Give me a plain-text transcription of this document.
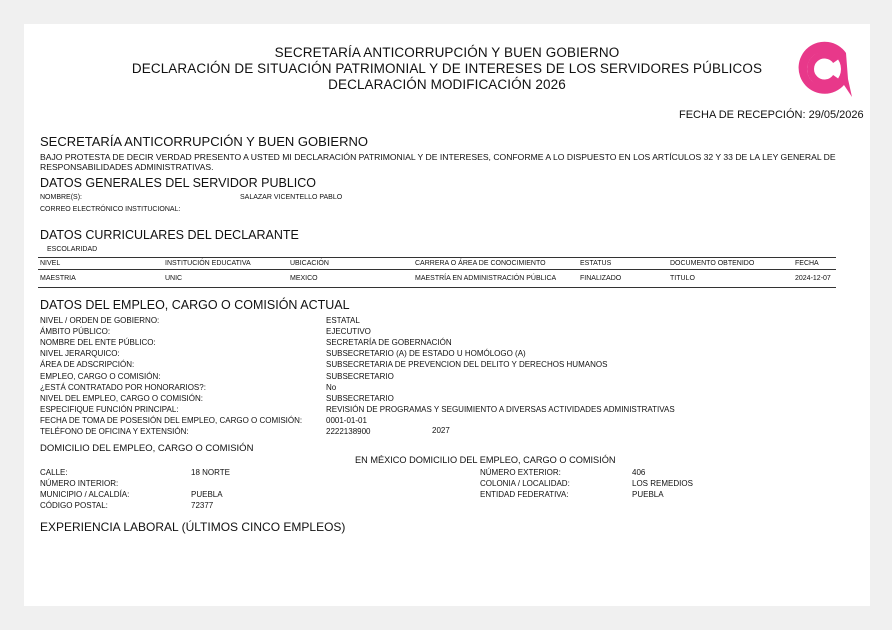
SECRETARÍA ANTICORRUPCIÓN Y BUEN GOBIERNO
DECLARACIÓN DE SITUACIÓN PATRIMONIAL Y DE INTERESES DE LOS SERVIDORES PÚBLICOS
DECLARACIÓN MODIFICACIÓN 2026
FECHA DE RECEPCIÓN: 29/05/2026
SECRETARÍA ANTICORRUPCIÓN Y BUEN GOBIERNO
BAJO PROTESTA DE DECIR VERDAD PRESENTO A USTED MI DECLARACIÓN PATRIMONIAL Y DE INTERESES, CONFORME A LO DISPUESTO EN LOS ARTÍCULOS 32 Y 33 DE LA LEY GENERAL DE
RESPONSABILIDADES ADMINISTRATIVAS.
DATOS GENERALES DEL SERVIDOR PUBLICO
NOMBRE(S):	SALAZAR VICENTELLO PABLO
CORREO ELECTRÓNICO INSTITUCIONAL:
DATOS CURRICULARES DEL DECLARANTE
ESCOLARIDAD
NIVEL	INSTITUCIÓN EDUCATIVA	UBICACIÓN	CARRERA O ÁREA DE CONOCIMIENTO	ESTATUS	DOCUMENTO OBTENIDO	FECHA
MAESTRIA	UNIC	MEXICO	MAESTRÍA EN ADMINISTRACIÓN PÚBLICA	FINALIZADO	TITULO	2024-12-07
DATOS DEL EMPLEO, CARGO O COMISIÓN ACTUAL
NIVEL / ORDEN DE GOBIERNO:	ESTATAL
ÁMBITO PÚBLICO:	EJECUTIVO
NOMBRE DEL ENTE PÚBLICO:	SECRETARÍA DE GOBERNACIÓN
NIVEL JERARQUICO:	SUBSECRETARIO (A) DE ESTADO U HOMÓLOGO (A)
ÁREA DE ADSCRIPCIÓN:	SUBSECRETARIA DE PREVENCION DEL DELITO Y DERECHOS HUMANOS
EMPLEO, CARGO O COMISIÓN:	SUBSECRETARIO
¿ESTÁ CONTRATADO POR HONORARIOS?:	No
NIVEL DEL EMPLEO, CARGO O COMISIÓN:	SUBSECRETARIO
ESPECIFIQUE FUNCIÓN PRINCIPAL:	REVISIÓN DE PROGRAMAS Y SEGUIMIENTO A DIVERSAS ACTIVIDADES ADMINISTRATIVAS
FECHA DE TOMA DE POSESIÓN DEL EMPLEO, CARGO O COMISIÓN:	0001-01-01
TELÉFONO DE OFICINA Y EXTENSIÓN:	2222138900	2027
DOMICILIO DEL EMPLEO, CARGO O COMISIÓN
EN MÉXICO DOMICILIO DEL EMPLEO, CARGO O COMISIÓN
CALLE:	18 NORTE
NÚMERO INTERIOR:
MUNICIPIO / ALCALDÍA:	PUEBLA
CÓDIGO POSTAL:	72377
NÚMERO EXTERIOR:	406
COLONIA / LOCALIDAD:	LOS REMEDIOS
ENTIDAD FEDERATIVA:	PUEBLA
EXPERIENCIA LABORAL (ÚLTIMOS CINCO EMPLEOS)
